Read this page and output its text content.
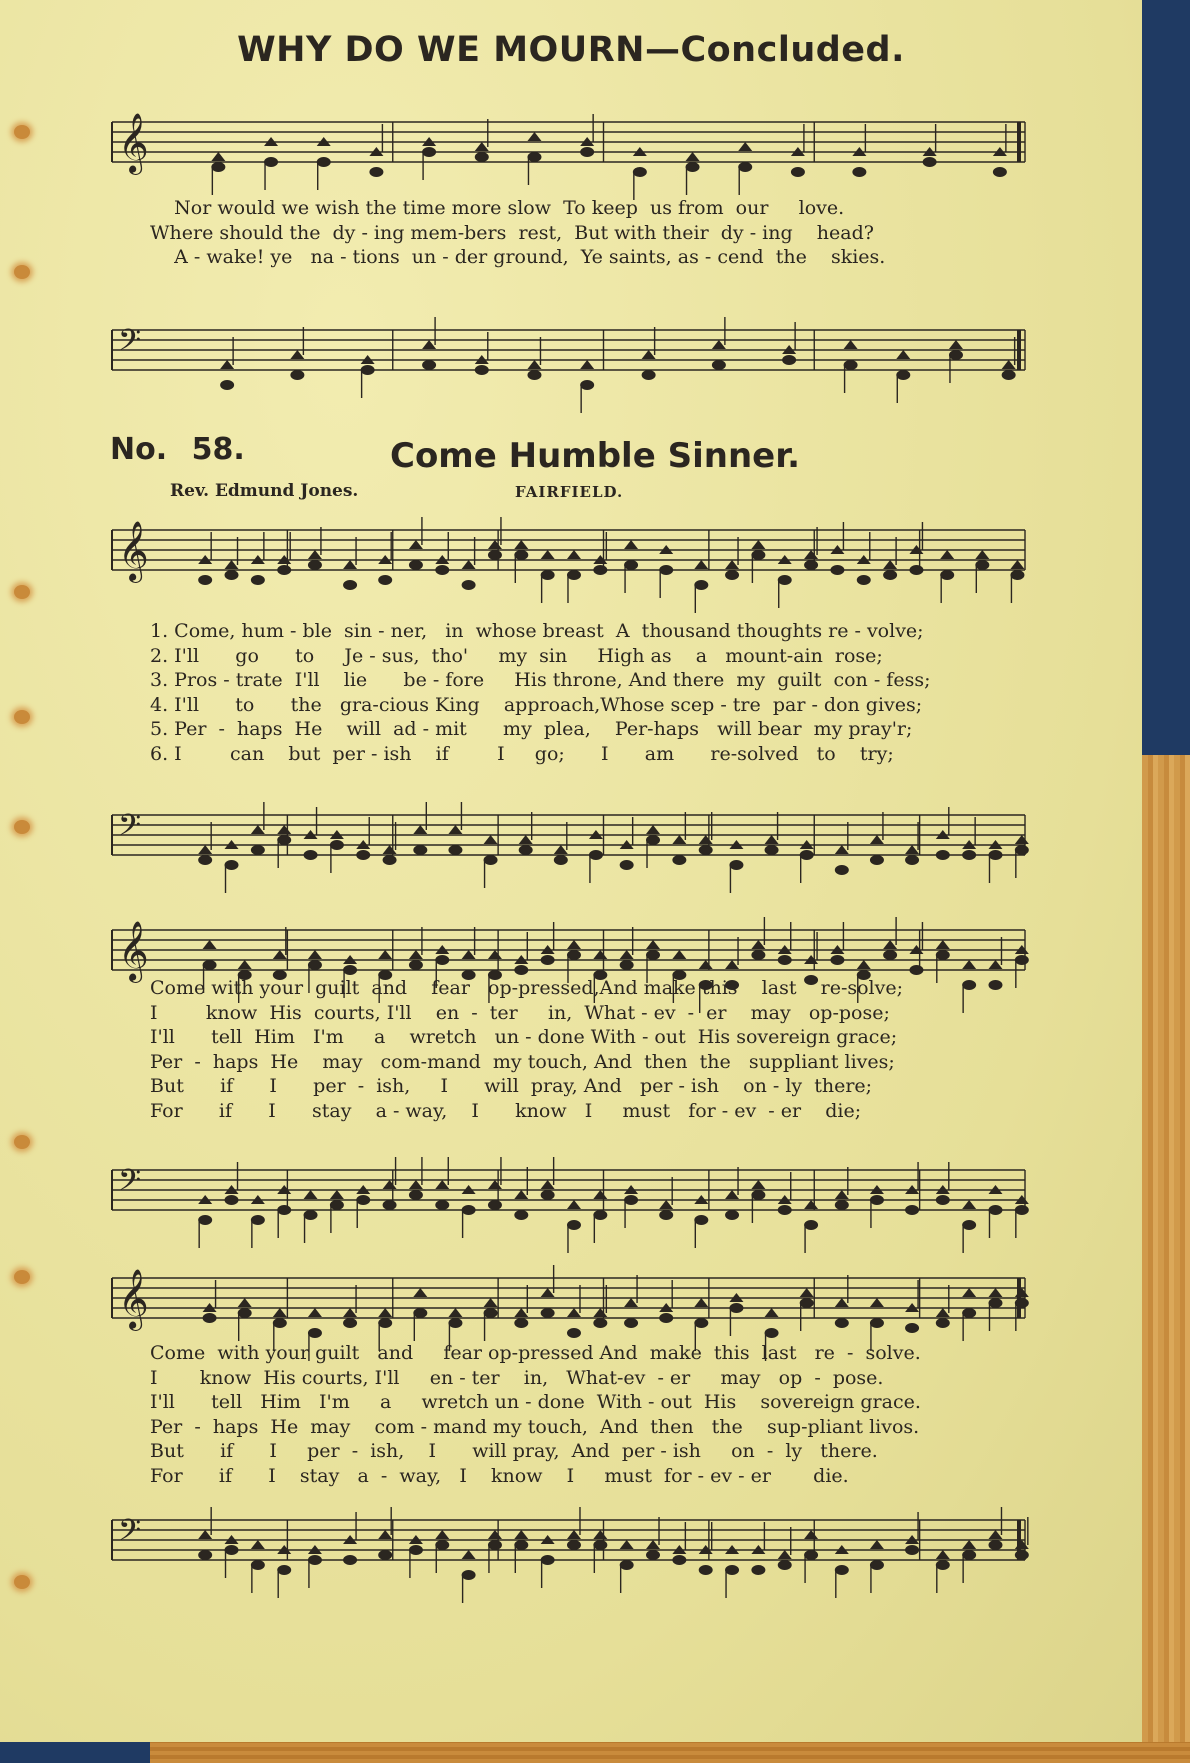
WHY DO WE MOURN—Concluded.
𝄞
Nor would we wish the time more slow  To keep  us from  our     love.
Where should the  dy - ing mem-bers  rest,  But with their  dy - ing    head?
A - wake! ye   na - tions  un - der ground,  Ye saints, as - cend  the    skies.
𝄢
No. 58.	Come Humble Sinner.
Rev. Edmund Jones.	FAIRFIELD.
𝄞
1. Come, hum - ble  sin - ner,   in  whose breast  A  thousand thoughts re - volve;
2. I'll      go      to     Je - sus,  tho'     my  sin     High as    a   mount-ain  rose;
3. Pros - trate  I'll    lie      be - fore     His throne, And there  my  guilt  con - fess;
4. I'll      to      the   gra-cious King    approach,Whose scep - tre  par - don gives;
5. Per  -  haps  He    will  ad - mit      my  plea,    Per-haps   will bear  my pray'r;
6. I        can    but  per - ish    if        I     go;      I      am      re-solved   to    try;
𝄢
𝄞
Come with your  guilt  and    fear   op-pressed,And make this    last    re-solve;
I        know  His  courts, I'll    en  -  ter     in,  What - ev  -  er    may   op-pose;
I'll      tell  Him   I'm     a    wretch   un - done With - out  His sovereign grace;
Per  -  haps  He    may   com-mand  my touch, And  then  the   suppliant lives;
But      if      I      per  -  ish,     I      will  pray, And   per - ish    on - ly  there;
For      if      I      stay    a - way,    I      know   I     must   for - ev  - er    die;
𝄢
𝄞
Come  with your guilt   and     fear op-pressed And  make  this  last   re  -  solve.
I       know  His courts, I'll     en - ter    in,   What-ev  - er     may   op  -  pose.
I'll      tell   Him   I'm     a     wretch un - done  With - out  His    sovereign grace.
Per  -  haps  He  may    com - mand my touch,  And  then   the    sup-pliant livos.
But      if      I     per  -  ish,    I      will pray,  And  per - ish     on  -  ly   there.
For      if      I    stay   a  -  way,   I    know    I     must  for - ev - er       die.
𝄢
